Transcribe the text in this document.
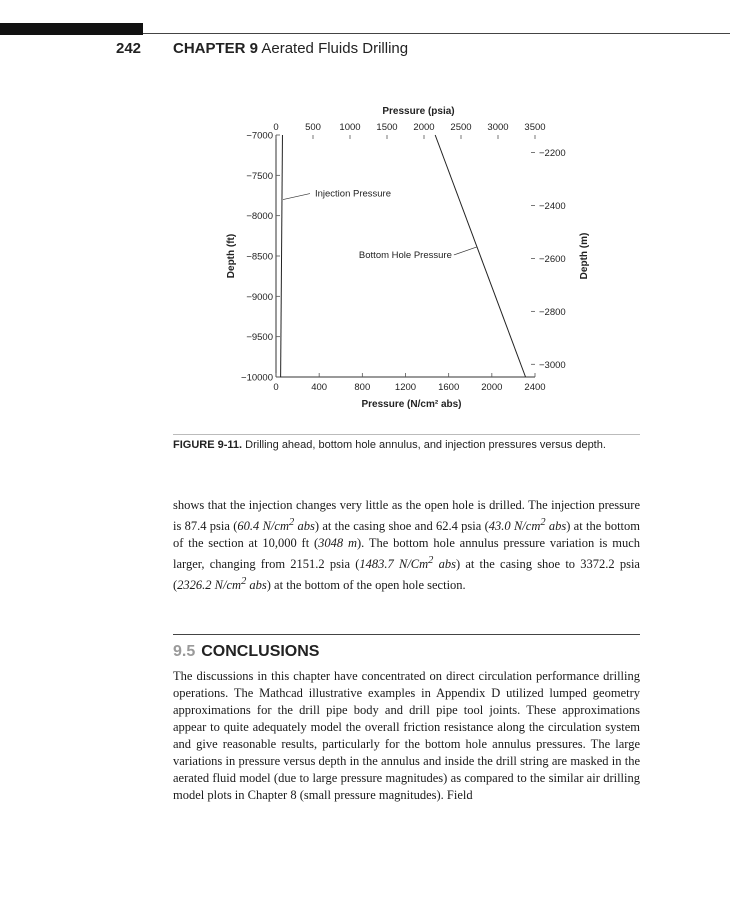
242 CHAPTER 9 Aerated Fluids Drilling
Pressure (psia)
0	500 1000 1500 2000 2500 3000 3500
0	400	800	1200 1600 2000 2400
Pressure (N/cm² abs)
−7000
−7500
−8000
−8500
−9000
−9500
−10000
Depth (ft)
−2200
−2400
−2600
−2800
−3000
Depth (m)
Injection Pressure
Bottom Hole Pressure
FIGURE 9-11. Drilling ahead, bottom hole annulus, and injection pressures versus depth.
shows that the injection changes very little as the open hole is drilled. The injection pressure is 87.4 psia (60.4 $N/cm^2$ abs) at the casing shoe and 62.4 psia (43.0 $N/cm^2$ abs) at the bottom of the section at 10,000 ft (3048 m). The bottom hole annulus pressure variation is much larger, changing from 2151.2 psia (1483.7 N/Cm$^2$ abs) at the casing shoe to 3372.2 psia (2326.2 $N/cm^2$ abs) at the bottom of the open hole section.
9.5 CONCLUSIONS
The discussions in this chapter have concentrated on direct circulation performance drilling operations. The Mathcad illustrative examples in Appendix D utilized lumped geometry approximations for the drill pipe body and drill pipe tool joints. These approximations appear to quite adequately model the overall friction resistance along the circulation system and give reasonable results, particularly for the bottom hole annulus pressures. The large variations in pressure versus depth in the annulus and inside the drill string are masked in the aerated fluid model (due to large pressure magnitudes) as compared to the similar air drilling model plots in Chapter 8 (small pressure magnitudes). Field
